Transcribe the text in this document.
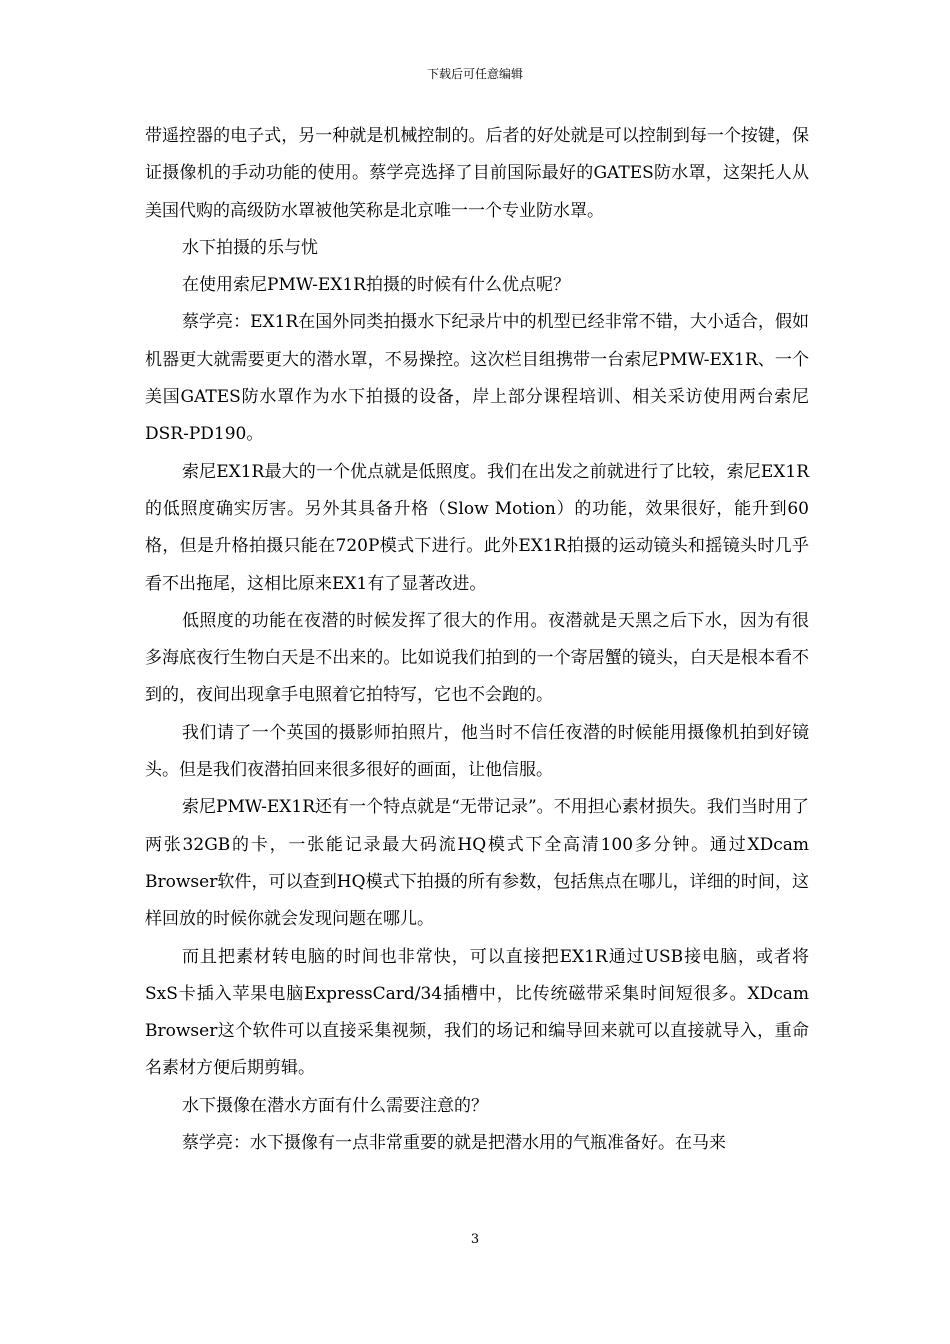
下载后可任意编辑

带遥控器的电子式，另一种就是机械控制的。后者的好处就是可以控制到每一个按键，保证摄像机的手动功能的使用。蔡学亮选择了目前国际最好的GATES防水罩，这架托人从美国代购的高级防水罩被他笑称是北京唯一一个专业防水罩。

水下拍摄的乐与忧

在使用索尼PMW-EX1R拍摄的时候有什么优点呢？

蔡学亮：EX1R在国外同类拍摄水下纪录片中的机型已经非常不错，大小适合，假如机器更大就需要更大的潜水罩，不易操控。这次栏目组携带一台索尼PMW-EX1R、一个美国GATES防水罩作为水下拍摄的设备，岸上部分课程培训、相关采访使用两台索尼DSR-PD190。

索尼EX1R最大的一个优点就是低照度。我们在出发之前就进行了比较，索尼EX1R的低照度确实厉害。另外其具备升格（Slow Motion）的功能，效果很好，能升到60格，但是升格拍摄只能在720P模式下进行。此外EX1R拍摄的运动镜头和摇镜头时几乎看不出拖尾，这相比原来EX1有了显著改进。

低照度的功能在夜潜的时候发挥了很大的作用。夜潜就是天黑之后下水，因为有很多海底夜行生物白天是不出来的。比如说我们拍到的一个寄居蟹的镜头，白天是根本看不到的，夜间出现拿手电照着它拍特写，它也不会跑的。

我们请了一个英国的摄影师拍照片，他当时不信任夜潜的时候能用摄像机拍到好镜头。但是我们夜潜拍回来很多很好的画面，让他信服。

索尼PMW-EX1R还有一个特点就是“无带记录”。不用担心素材损失。我们当时用了两张32GB的卡，一张能记录最大码流HQ模式下全高清100多分钟。通过XDcam Browser软件，可以查到HQ模式下拍摄的所有参数，包括焦点在哪儿，详细的时间，这样回放的时候你就会发现问题在哪儿。

而且把素材转电脑的时间也非常快，可以直接把EX1R通过USB接电脑，或者将SxS卡插入苹果电脑ExpressCard/34插槽中，比传统磁带采集时间短很多。XDcam Browser这个软件可以直接采集视频，我们的场记和编导回来就可以直接就导入，重命名素材方便后期剪辑。

水下摄像在潜水方面有什么需要注意的？

蔡学亮：水下摄像有一点非常重要的就是把潜水用的气瓶准备好。在马来

3
